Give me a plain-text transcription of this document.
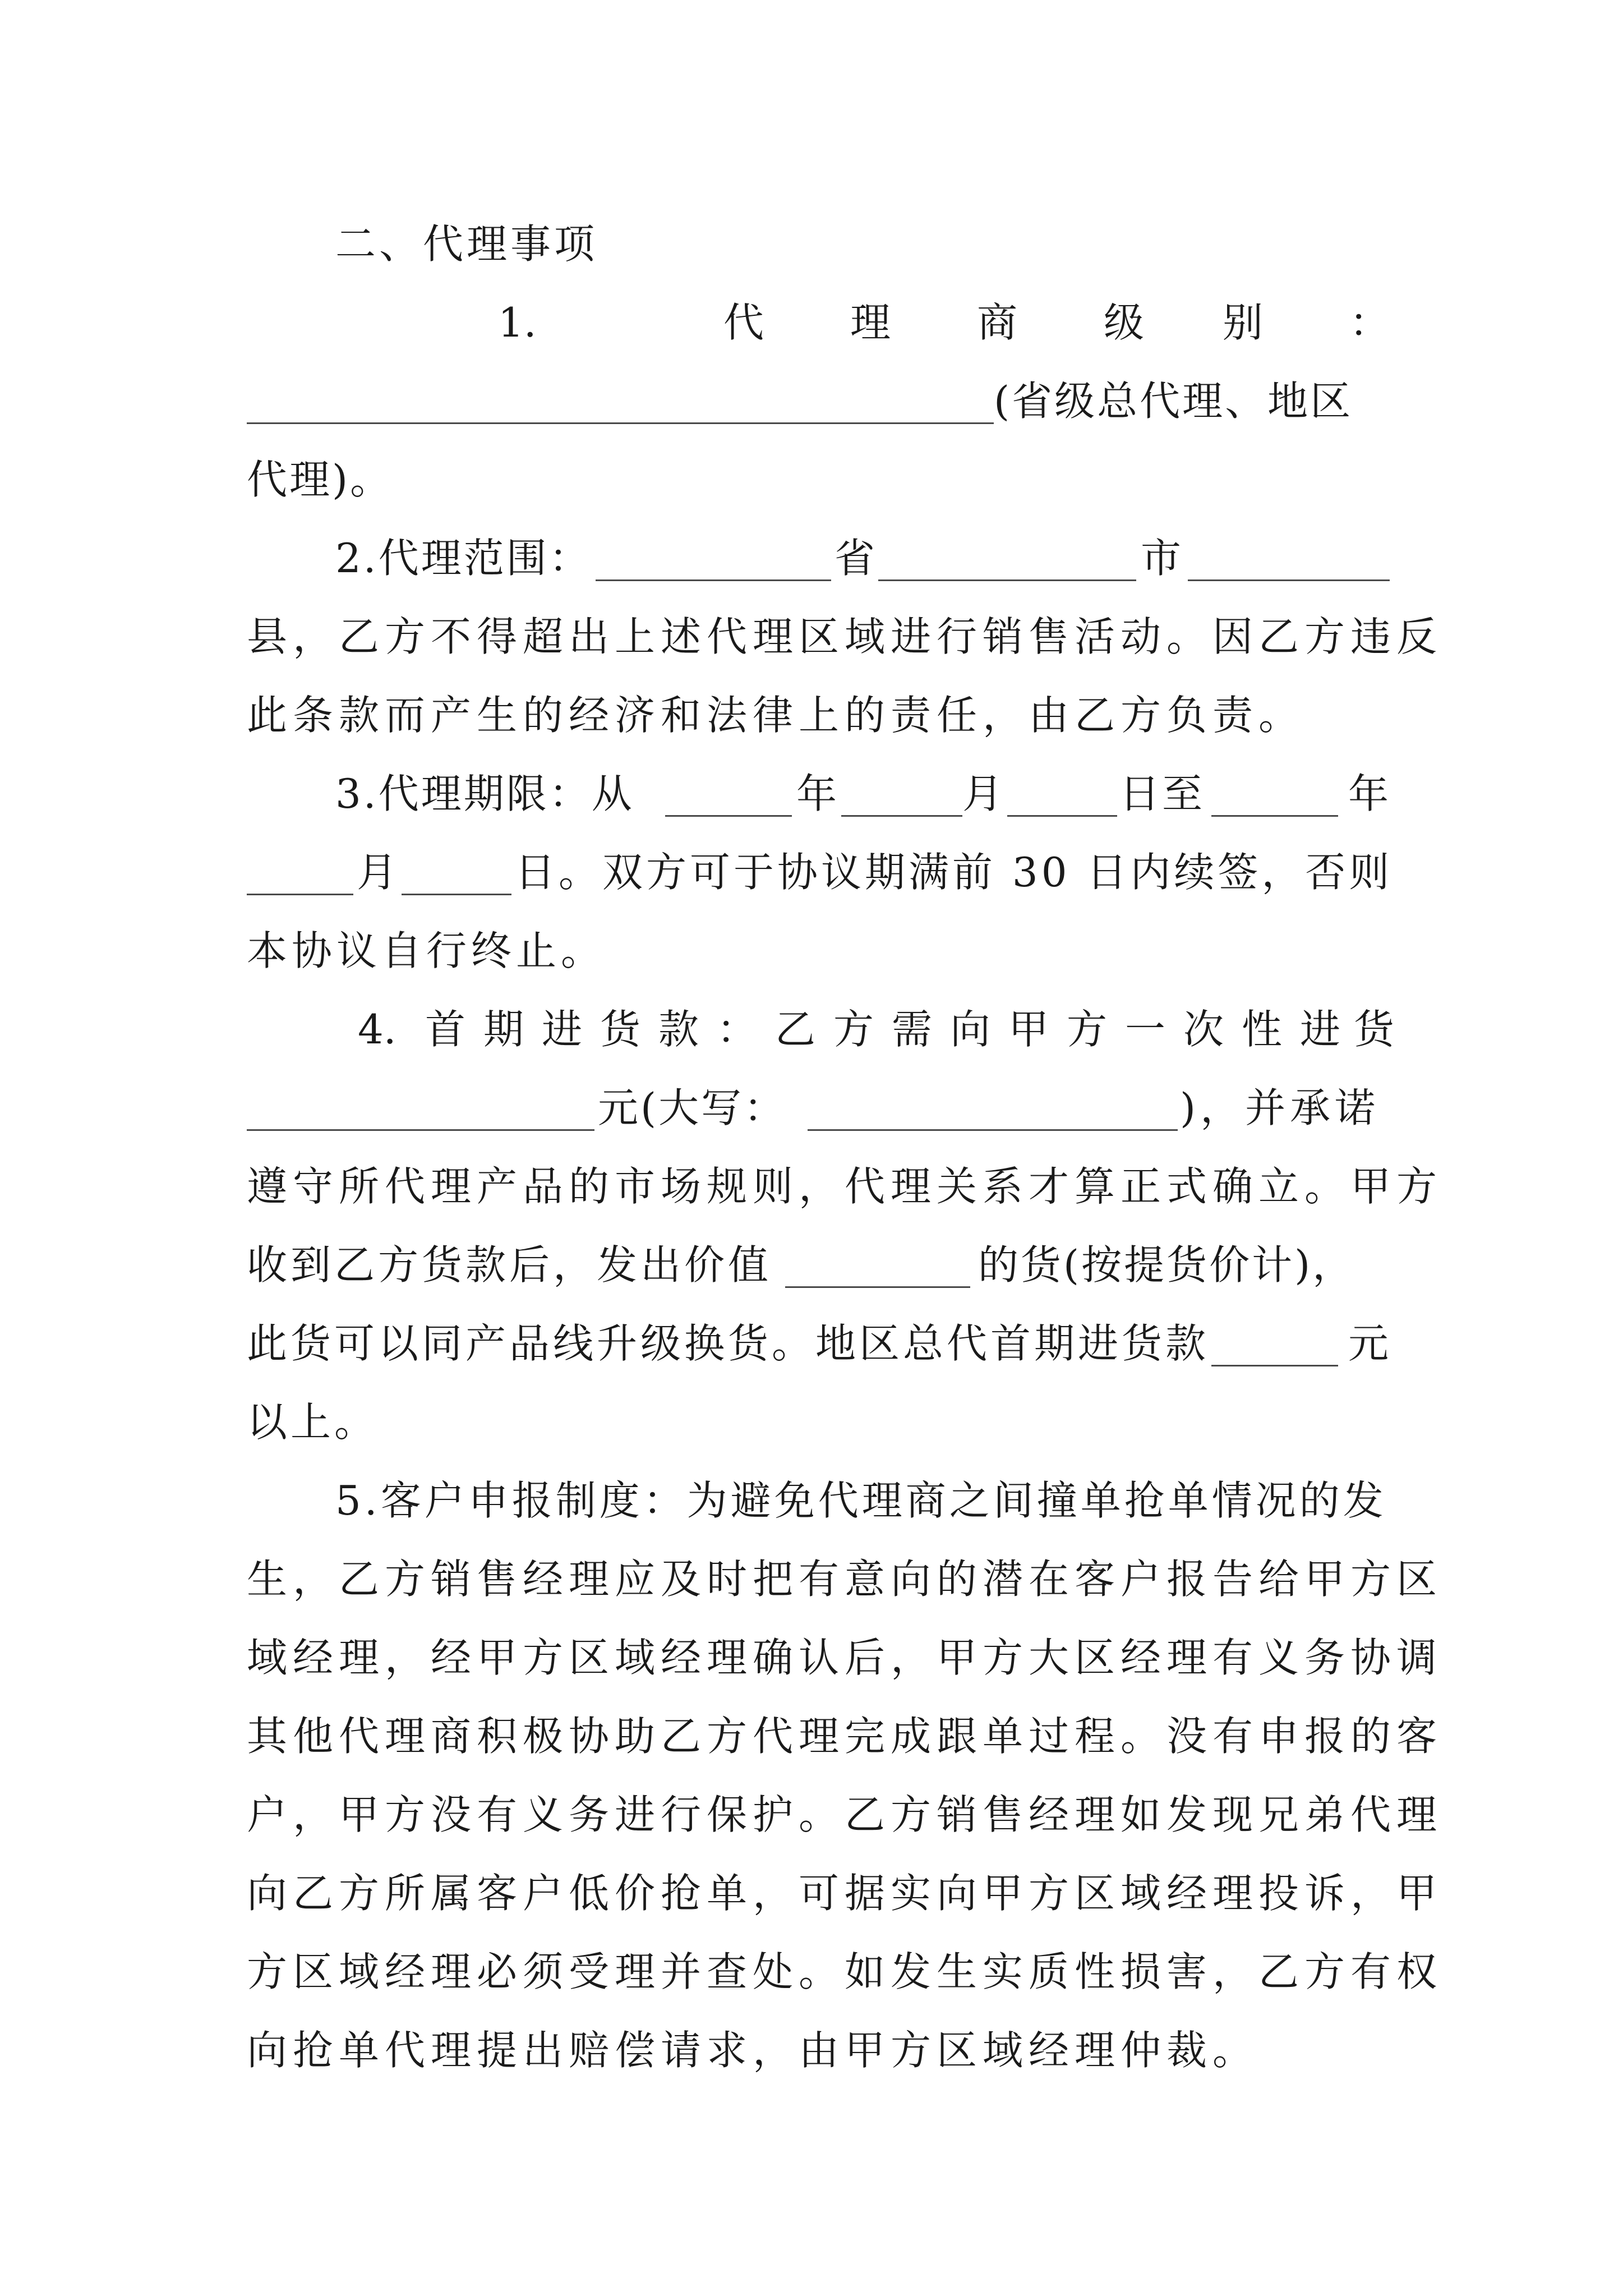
二、代理事项
1.	代 理 商 级 别 ：
(省级总代理、地区
代理)。
2.代理范围：	省	市
县，乙方不得超出上述代理区域进行销售活动。因乙方违反
此条款而产生的经济和法律上的责任，由乙方负责。
3.代理期限：从	年	月	日至	年
月	日。双方可于协议期满前 30 日内续签，否则
本协议自行终止。
4. 首 期 进 货 款 ： 乙 方 需 向 甲 方 一 次 性 进 货
元(大写：	)，并承诺
遵守所代理产品的市场规则，代理关系才算正式确立。甲方
收到乙方货款后，发出价值	的货(按提货价计)，
此货可以同产品线升级换货。地区总代首期进货款	元
以上。
5.客户申报制度：为避免代理商之间撞单抢单情况的发
生，乙方销售经理应及时把有意向的潜在客户报告给甲方区
域经理，经甲方区域经理确认后，甲方大区经理有义务协调
其他代理商积极协助乙方代理完成跟单过程。没有申报的客
户，甲方没有义务进行保护。乙方销售经理如发现兄弟代理
向乙方所属客户低价抢单，可据实向甲方区域经理投诉，甲
方区域经理必须受理并查处。如发生实质性损害，乙方有权
向抢单代理提出赔偿请求，由甲方区域经理仲裁。
